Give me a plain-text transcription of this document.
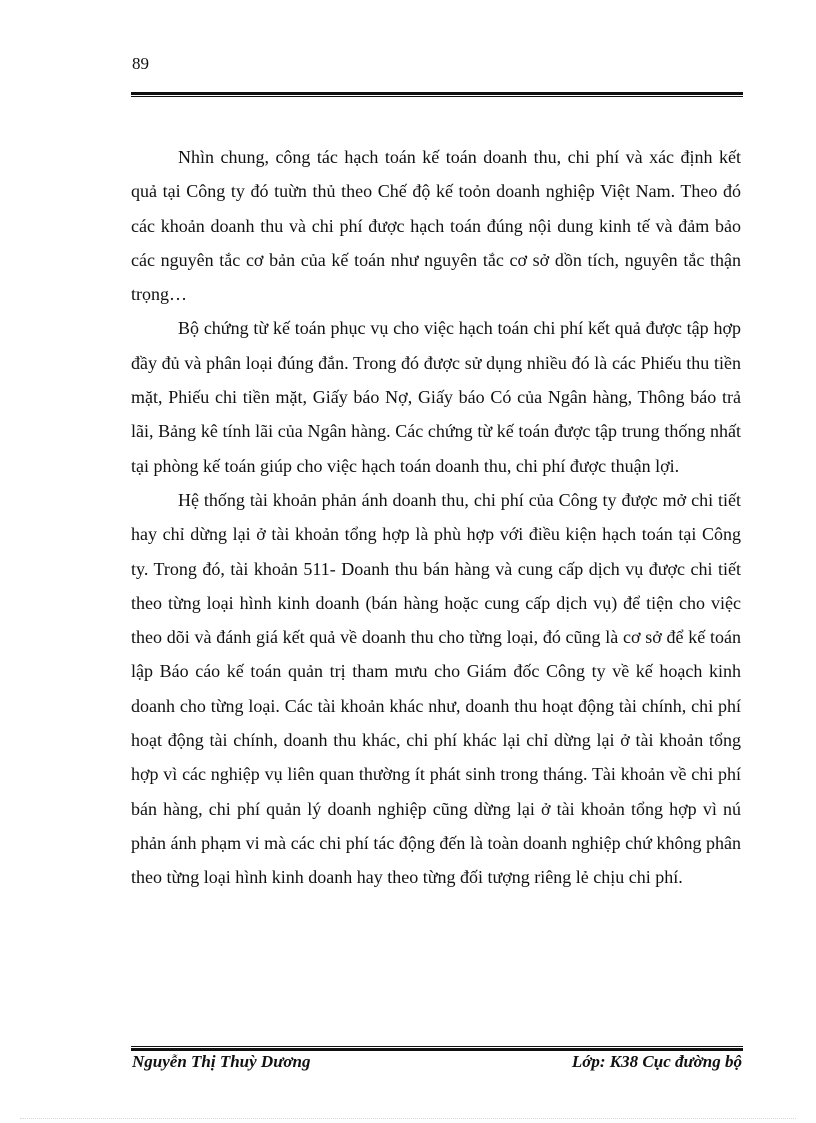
89

Nhìn chung, công tác hạch toán kế toán doanh thu, chi phí và xác định kết quả tại Công ty đó tuừn thủ theo Chế độ kế toỏn doanh nghiệp Việt Nam. Theo đó các khoản doanh thu và chi phí được hạch toán đúng nội dung kinh tế và đảm bảo các nguyên tắc cơ bản của kế toán như nguyên tắc cơ sở dồn tích, nguyên tắc thận trọng…

Bộ chứng từ kế toán phục vụ cho việc hạch toán chi phí kết quả được tập hợp đầy đủ và phân loại đúng đắn. Trong đó được sử dụng nhiều đó là các Phiếu thu tiền mặt, Phiếu chi tiền mặt, Giấy báo Nợ, Giấy báo Có của Ngân hàng, Thông báo trả lãi, Bảng kê tính lãi của Ngân hàng. Các chứng từ kế toán được tập trung thống nhất tại phòng kế toán giúp cho việc hạch toán doanh thu, chi phí được thuận lợi.

Hệ thống tài khoản phản ánh doanh thu, chi phí của Công ty được mở chi tiết hay chỉ dừng lại ở tài khoản tổng hợp là phù hợp với điều kiện hạch toán tại Công ty. Trong đó, tài khoản 511- Doanh thu bán hàng và cung cấp dịch vụ được chi tiết theo từng loại hình kinh doanh (bán hàng hoặc cung cấp dịch vụ) để tiện cho việc theo dõi và đánh giá kết quả về doanh thu cho từng loại, đó cũng là cơ sở để kế toán lập Báo cáo kế toán quản trị tham mưu cho Giám đốc Công ty về kế hoạch kinh doanh cho từng loại. Các tài khoản khác như, doanh thu hoạt động tài chính, chi phí hoạt động tài chính, doanh thu khác, chi phí khác lại chỉ dừng lại ở tài khoản tổng hợp vì các nghiệp vụ liên quan thường ít phát sinh trong tháng. Tài khoản về chi phí bán hàng, chi phí quản lý doanh nghiệp cũng dừng lại ở tài khoản tổng hợp vì nú phản ánh phạm vi mà các chi phí tác động đến là toàn doanh nghiệp chứ không phân theo từng loại hình kinh doanh hay theo từng đối tượng riêng lẻ chịu chi phí.

Nguyễn Thị Thuỳ Dương	Lớp: K38 Cục đường bộ
